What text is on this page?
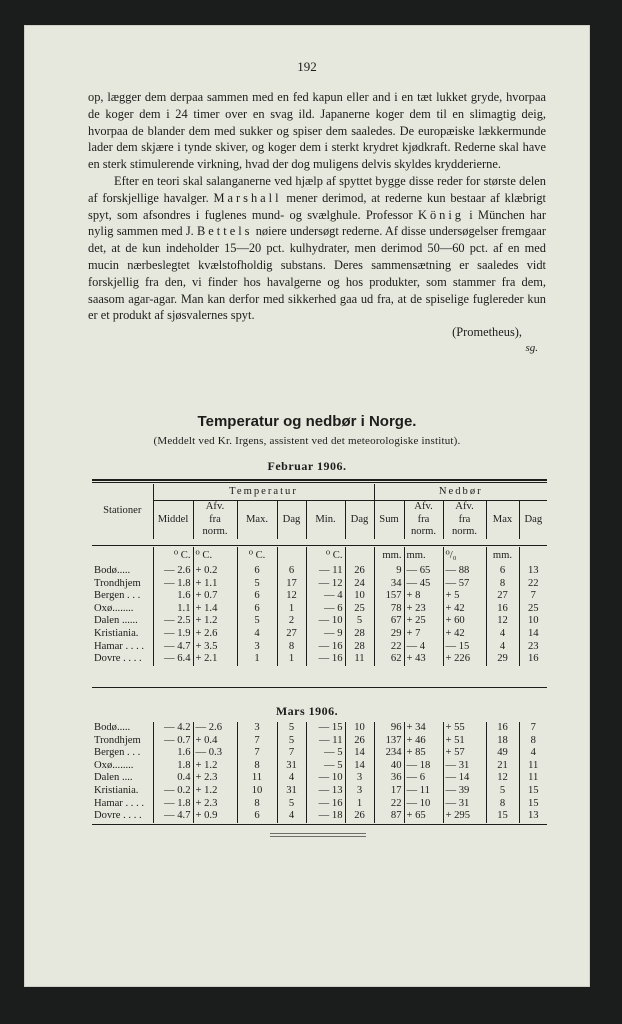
192

op, lægger dem derpaa sammen med en fed kapun eller and i en tæt lukket gryde, hvorpaa de koger dem i 24 timer over en svag ild. Japanerne koger dem til en slimagtig deig, hvorpaa de blander dem med sukker og spiser dem saaledes. De europæiske lækkermunde lader dem skjære i tynde skiver, og koger dem i sterkt krydret kjødkraft. Rederne skal have en sterk stimulerende virkning, hvad der dog muligens delvis skyldes krydderierne.

Efter en teori skal salanganerne ved hjælp af spyttet bygge disse reder for største delen af forskjellige havalger. Marshall mener derimod, at rederne kun bestaar af klæbrigt spyt, som afsondres i fuglenes mund- og svælghule. Professor König i München har nylig sammen med J. Bettels nøiere undersøgt rederne. Af disse undersøgelser fremgaar det, at de kun indeholder 15—20 pct. kulhydrater, men derimod 50—60 pct. af en med mucin nærbeslegtet kvælstofholdig substans. Deres sammensætning er saaledes vidt forskjellig fra den, vi finder hos havalgerne og hos produkter, som stammer fra dem, saasom agar-agar. Man kan derfor med sikkerhed gaa ud fra, at de spiselige fuglereder kun er et produkt af sjøsvalernes spyt.

(Prometheus),
sg.
Temperatur og nedbør i Norge.
(Meddelt ved Kr. Irgens, assistent ved det meteorologiske institut).
Februar 1906.
Stationer	Temperatur						Nedbør				
	Middel	Afv.	Max.	Dag	Min.	Dag	Sum	Afv.	Afv.	Max	Dag
		fra						fra	fra		
		norm.						norm.	norm.		
	⁰ C.	⁰ C.	⁰ C.		⁰ C.		mm.	mm.	⁰/₀	mm.	
Bodø.....	— 2.6	+ 0.2	6	6	— 11	26	9	— 65	— 88	6	13
Trondhjem	— 1.8	+ 1.1	5	17	— 12	24	34	— 45	— 57	8	22
Bergen . . .	1.6	+ 0.7	6	12	— 4	10	157	+ 8	+ 5	27	7
Oxø........	1.1	+ 1.4	6	1	— 6	25	78	+ 23	+ 42	16	25
Dalen ......	— 2.5	+ 1.2	5	2	— 10	5	67	+ 25	+ 60	12	10
Kristiania.	— 1.9	+ 2.6	4	27	— 9	28	29	+ 7	+ 42	4	14
Hamar . . . .	— 4.7	+ 3.5	3	8	— 16	28	22	— 4	— 15	4	23
Dovre . . . .	— 6.4	+ 2.1	1	1	— 16	11	62	+ 43	+ 226	29	16
Mars 1906.
Bodø.....	— 4.2	— 2.6	3	5	— 15	10	96	+ 34	+ 55	16	7
Trondhjem	— 0.7	+ 0.4	7	5	— 11	26	137	+ 46	+ 51	18	8
Bergen . . .	1.6	— 0.3	7	7	— 5	14	234	+ 85	+ 57	49	4
Oxø........	1.8	+ 1.2	8	31	— 5	14	40	— 18	— 31	21	11
Dalen ....	0.4	+ 2.3	11	4	— 10	3	36	— 6	— 14	12	11
Kristiania.	— 0.2	+ 1.2	10	31	— 13	3	17	— 11	— 39	5	15
Hamar . . . .	— 1.8	+ 2.3	8	5	— 16	1	22	— 10	— 31	8	15
Dovre . . . .	— 4.7	+ 0.9	6	4	— 18	26	87	+ 65	+ 295	15	13
